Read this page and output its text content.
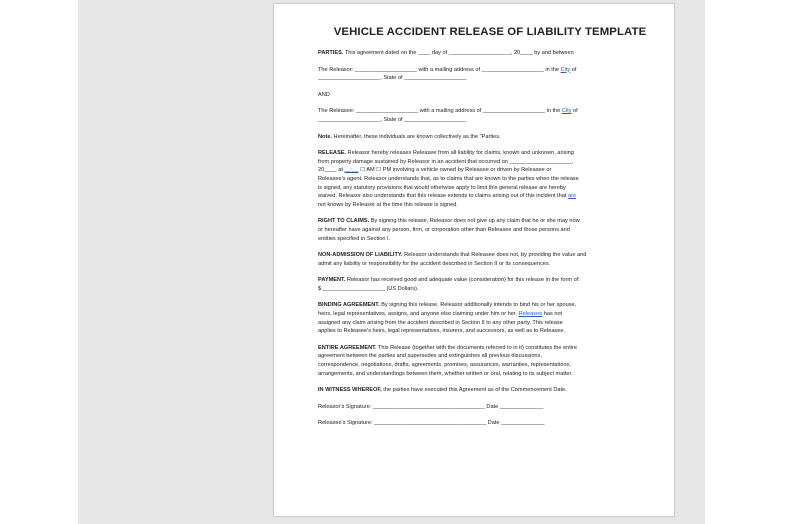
VEHICLE ACCIDENT RELEASE OF LIABILITY TEMPLATE
PARTIES. This agreement dated on the ____ day of ____________________, 20____ by and between
The Releasor: ____________________ with a mailing address of ____________________ in the City of
____________________, State of ____________________
AND
The Releasee: ____________________ with a mailing address of ____________________ in the City of
____________________, State of ____________________
Note. Hereinafter, these individuals are known collectively as the "Parties.
RELEASE. Releasor hereby releases Releasee from all liability for claims, known and unknown, arising
from property damage sustained by Releasor in an accident that occurred on ____________________,
20____ at __:__ ☐ AM ☐ PM involving a vehicle owned by Releasee or driven by Releasee or
Releasee's agent. Releasor understands that, as to claims that are known to the parties when the release
is signed, any statutory provisions that would otherwise apply to limit this general release are hereby
waived. Releasor also understands that this release extends to claims arising out of this incident that are
not known by Releasor at the time this release is signed.
RIGHT TO CLAIMS. By signing this release, Releasor does not give up any claim that he or she may now
or hereafter have against any person, firm, or corporation other than Releasee and those persons and
entities specified in Section I.
NON-ADMISSION OF LIABILITY. Releasor understands that Releasee does not, by providing the value and
admit any liability or responsibility for the accident described in Section II or its consequences.
PAYMENT. Releasor has received good and adequate value (consideration) for this release in the form of:
$ ____________________ (US Dollars).
BINDING AGREEMENT. By signing this release, Releasor additionally intends to bind his or her spouse,
heirs, legal representatives, assigns, and anyone else claiming under him or her. Releasee has not
assigned any claim arising from the accident described in Section II to any other party. This release
applies to Releasee's heirs, legal representatives, insurers, and successors, as well as to Releasee.
ENTIRE AGREEMENT. This Release (together with the documents referred to in it) constitutes the entire
agreement between the parties and supersedes and extinguishes all previous discussions,
correspondence, negotiations, drafts, agreements, promises, assurances, warranties, representations,
arrangements, and understandings between them, whether written or oral, relating to its subject matter.
IN WITNESS WHEREOF, the parties have executed this Agreement as of the Commencement Date.
Releasor's Signature: ____________________________________ Date ______________
Releasee's Signature: ____________________________________ Date ______________
